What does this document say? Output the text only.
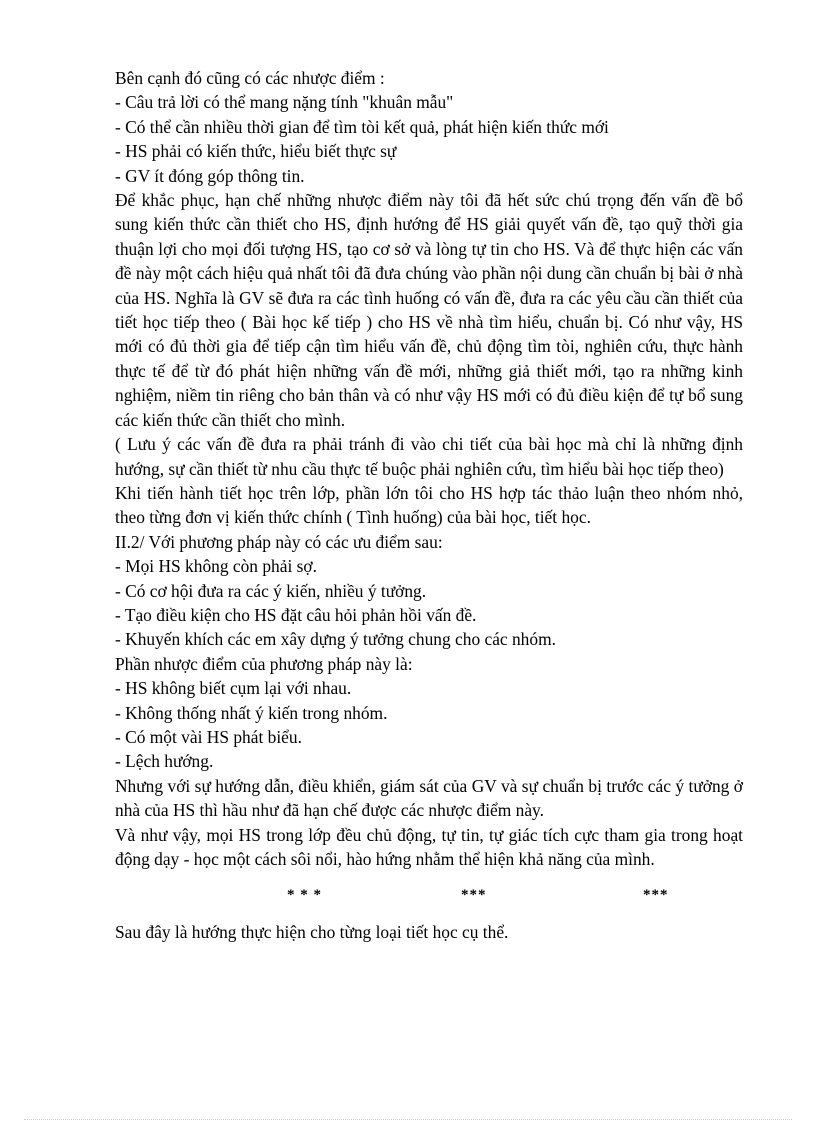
Bên cạnh đó cũng có các nhược điểm :
- Câu trả lời có thể mang nặng tính "khuân mẫu"
- Có thể cần nhiều thời gian để tìm tòi kết quả, phát hiện kiến thức mới
- HS phải có kiến thức, hiểu biết thực sự
- GV ít đóng góp thông tin.
Để khắc phục, hạn chế những nhược điểm này tôi đã hết sức chú trọng đến vấn đề bổ sung kiến thức cần thiết cho HS, định hướng để HS giải quyết vấn đề, tạo quỹ thời gia thuận lợi cho mọi đối tượng HS, tạo cơ sở và lòng tự tin cho HS. Và để thực hiện các vấn đề này một cách hiệu quả nhất tôi đã đưa chúng vào phần nội dung cần chuẩn bị bài ở nhà của HS. Nghĩa là GV sẽ đưa ra các tình huống có vấn đề, đưa ra các yêu cầu cần thiết của tiết học tiếp theo ( Bài học kế tiếp ) cho HS về nhà tìm hiểu, chuẩn bị. Có như vậy, HS mới có đủ thời gia để tiếp cận tìm hiểu vấn đề, chủ động tìm tòi, nghiên cứu, thực hành thực tế để từ đó phát hiện những vấn đề mới, những giả thiết mới, tạo ra những kinh nghiệm, niềm tin riêng cho bản thân và có như vậy HS mới có đủ điều kiện để tự bổ sung các kiến thức cần thiết cho mình.
( Lưu ý các vấn đề đưa ra phải tránh đi vào chi tiết của bài học mà chỉ là những định hướng, sự cần thiết từ nhu cầu thực tế buộc phải nghiên cứu, tìm hiểu bài học tiếp theo)
Khi tiến hành tiết học trên lớp, phần lớn tôi cho HS hợp tác thảo luận theo nhóm nhỏ, theo từng đơn vị kiến thức chính ( Tình huống) của bài học, tiết học.
II.2/ Với phương pháp này có các ưu điểm sau:
- Mọi HS không còn phải sợ.
- Có cơ hội đưa ra các ý kiến, nhiều ý tưởng.
- Tạo điều kiện cho HS đặt câu hỏi phản hồi vấn đề.
- Khuyến khích các em xây dựng ý tưởng chung cho các nhóm.
Phần nhược điểm của phương pháp này là:
- HS không biết cụm lại với nhau.
- Không thống nhất ý kiến trong nhóm.
- Có một vài HS phát biểu.
- Lệch hướng.
Nhưng với sự hướng dẫn, điều khiển, giám sát của GV và sự chuẩn bị trước các ý tưởng ở nhà của HS thì hầu như đã hạn chế được các nhược điểm này.
Và như vậy, mọi HS trong lớp đều chủ động, tự tin, tự giác tích cực tham gia trong hoạt động dạy - học một cách sôi nổi, hào hứng nhằm thể hiện khả năng của mình.
* * *	***	***
Sau đây là hướng thực hiện cho từng loại tiết học cụ thể.
